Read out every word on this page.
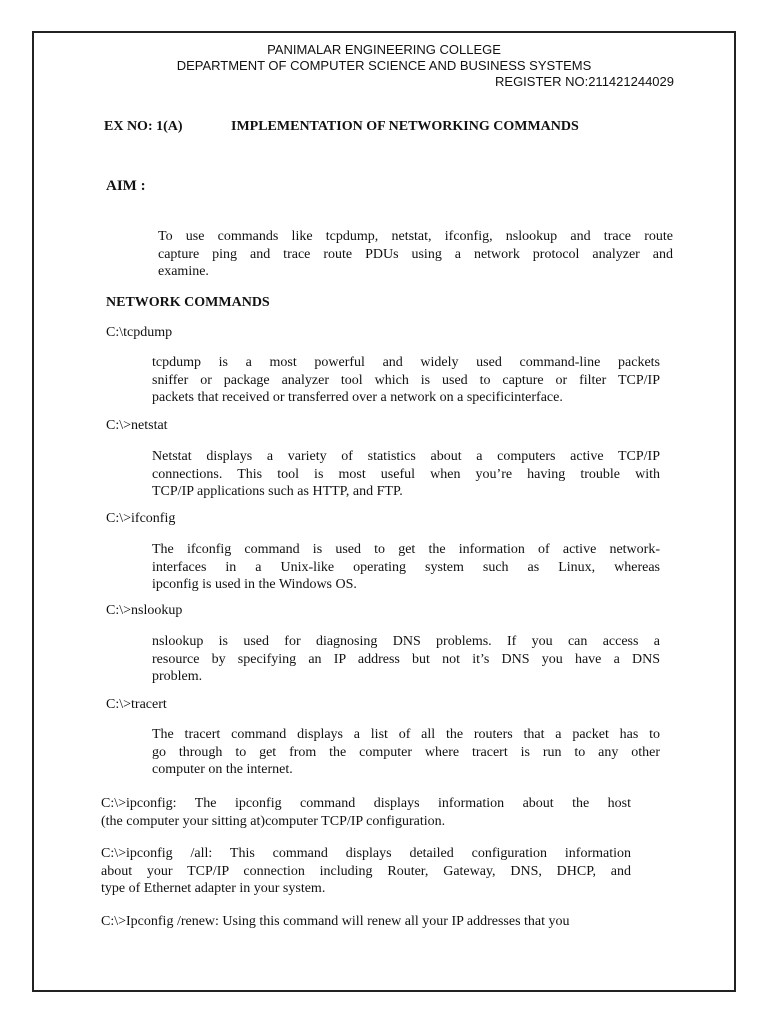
PANIMALAR ENGINEERING COLLEGE
DEPARTMENT OF COMPUTER SCIENCE AND BUSINESS SYSTEMS
REGISTER NO:211421244029
EX NO: 1(A)	IMPLEMENTATION OF NETWORKING COMMANDS
AIM :
To use commands like tcpdump, netstat, ifconfig, nslookup and trace route
capture ping and trace route PDUs using a network protocol analyzer and
examine.
NETWORK COMMANDS
C:\tcpdump
tcpdump is a most powerful and widely used command-line packets
sniffer or package analyzer tool which is used to capture or filter TCP/IP
packets that received or transferred over a network on a specificinterface.
C:\>netstat
Netstat displays a variety of statistics about a computers active TCP/IP
connections. This tool is most useful when you’re having trouble with
TCP/IP applications such as HTTP, and FTP.
C:\>ifconfig
The ifconfig command is used to get the information of active network-
interfaces in a Unix-like operating system such as Linux, whereas
ipconfig is used in the Windows OS.
C:\>nslookup
nslookup is used for diagnosing DNS problems. If you can access a
resource by specifying an IP address but not it’s DNS you have a DNS
problem.
C:\>tracert
The tracert command displays a list of all the routers that a packet has to
go through to get from the computer where tracert is run to any other
computer on the internet.
C:\>ipconfig: The ipconfig command displays information about the host
(the computer your sitting at)computer TCP/IP configuration.
C:\>ipconfig /all: This command displays detailed configuration information
about your TCP/IP connection including Router, Gateway, DNS, DHCP, and
type of Ethernet adapter in your system.
C:\>Ipconfig /renew: Using this command will renew all your IP addresses that you
